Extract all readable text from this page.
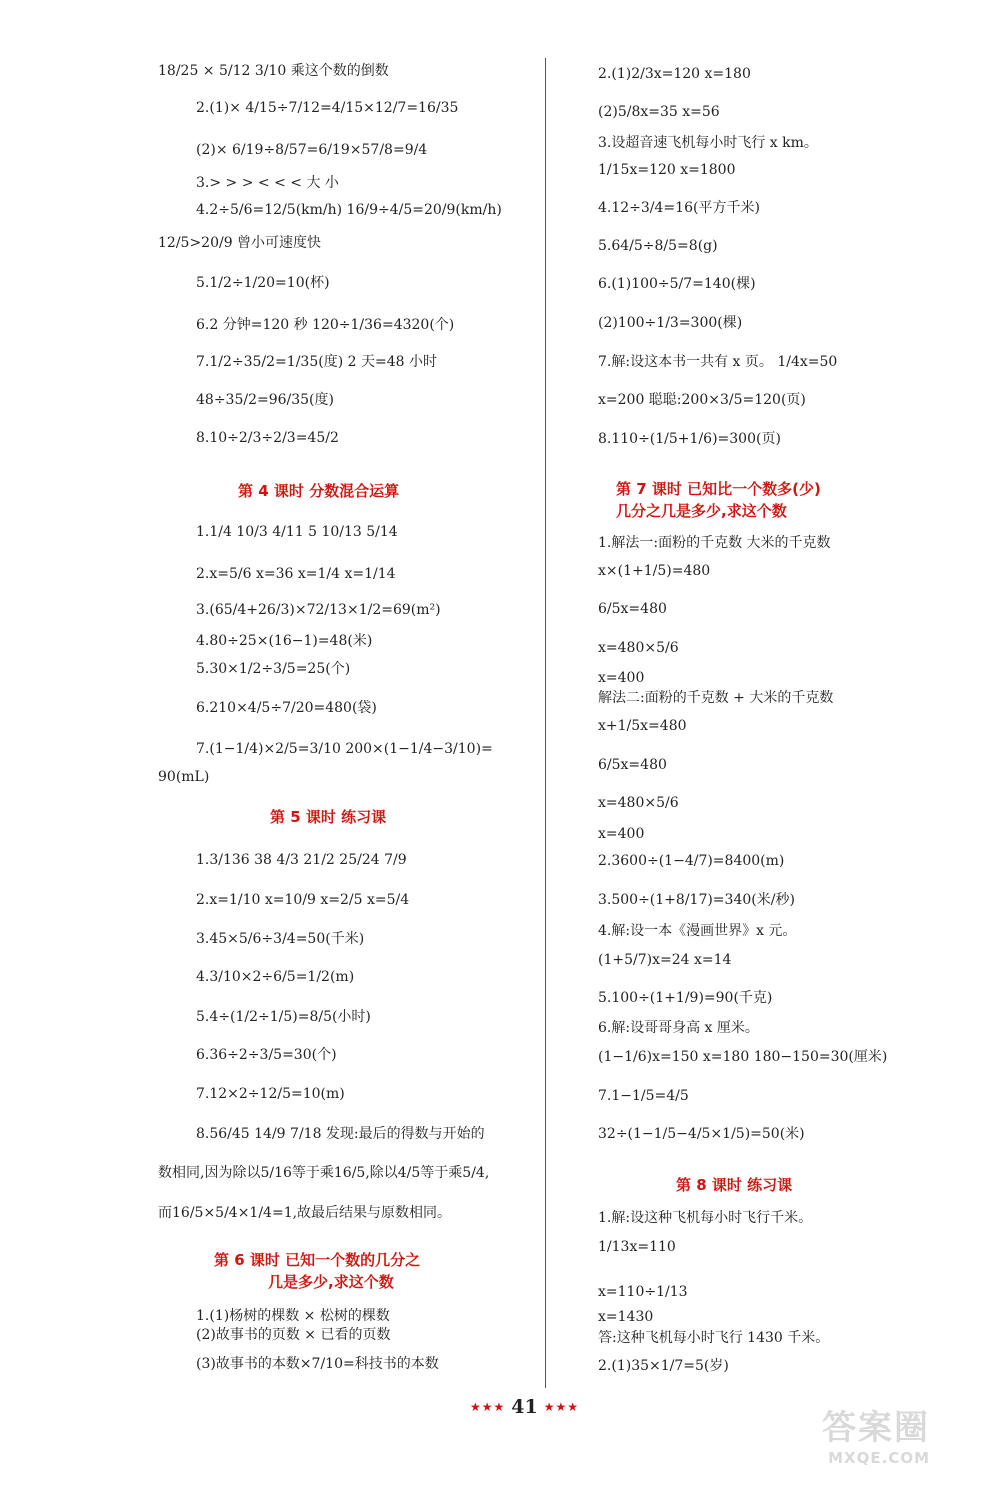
18/25 × 5/12 3/10 乘这个数的倒数
2.(1)× 4/15÷7/12=4/15×12/7=16/35
(2)× 6/19÷8/57=6/19×57/8=9/4
3.> > > < < < 大 小
4.2÷5/6=12/5(km/h) 16/9÷4/5=20/9(km/h)
12/5>20/9 曾小可速度快
5.1/2÷1/20=10(杯)
6.2 分钟=120 秒 120÷1/36=4320(个)
7.1/2÷35/2=1/35(度) 2 天=48 小时
48÷35/2=96/35(度)
8.10÷2/3÷2/3=45/2
第 4 课时 分数混合运算
1.1/4 10/3 4/11 5 10/13 5/14
2.x=5/6 x=36 x=1/4 x=1/14
3.(65/4+26/3)×72/13×1/2=69(m²)
4.80÷25×(16−1)=48(米)
5.30×1/2÷3/5=25(个)
6.210×4/5÷7/20=480(袋)
7.(1−1/4)×2/5=3/10 200×(1−1/4−3/10)=
90(mL)
第 5 课时 练习课
1.3/136 38 4/3 21/2 25/24 7/9
2.x=1/10 x=10/9 x=2/5 x=5/4
3.45×5/6÷3/4=50(千米)
4.3/10×2÷6/5=1/2(m)
5.4÷(1/2÷1/5)=8/5(小时)
6.36÷2÷3/5=30(个)
7.12×2÷12/5=10(m)
8.56/45 14/9 7/18 发现:最后的得数与开始的
数相同,因为除以5/16等于乘16/5,除以4/5等于乘5/4,
而16/5×5/4×1/4=1,故最后结果与原数相同。
第 6 课时 已知一个数的几分之
几是多少,求这个数
1.(1)杨树的棵数 × 松树的棵数
(2)故事书的页数 × 已看的页数
(3)故事书的本数×7/10=科技书的本数
2.(1)2/3x=120 x=180
(2)5/8x=35 x=56
3.设超音速飞机每小时飞行 x km。
1/15x=120 x=1800
4.12÷3/4=16(平方千米)
5.64/5÷8/5=8(g)
6.(1)100÷5/7=140(棵)
(2)100÷1/3=300(棵)
7.解:设这本书一共有 x 页。 1/4x=50
x=200 聪聪:200×3/5=120(页)
8.110÷(1/5+1/6)=300(页)
第 7 课时 已知比一个数多(少)
几分之几是多少,求这个数
1.解法一:面粉的千克数 大米的千克数
x×(1+1/5)=480
6/5x=480
x=480×5/6
x=400
解法二:面粉的千克数 + 大米的千克数
x+1/5x=480
6/5x=480
x=480×5/6
x=400
2.3600÷(1−4/7)=8400(m)
3.500÷(1+8/17)=340(米/秒)
4.解:设一本《漫画世界》x 元。
(1+5/7)x=24 x=14
5.100÷(1+1/9)=90(千克)
6.解:设哥哥身高 x 厘米。
(1−1/6)x=150 x=180 180−150=30(厘米)
7.1−1/5=4/5
32÷(1−1/5−4/5×1/5)=50(米)
第 8 课时 练习课
1.解:设这种飞机每小时飞行千米。
1/13x=110
x=110÷1/13
x=1430
答:这种飞机每小时飞行 1430 千米。
2.(1)35×1/7=5(岁)
★★★ 41 ★★★
答案圈
MXQE.COM
